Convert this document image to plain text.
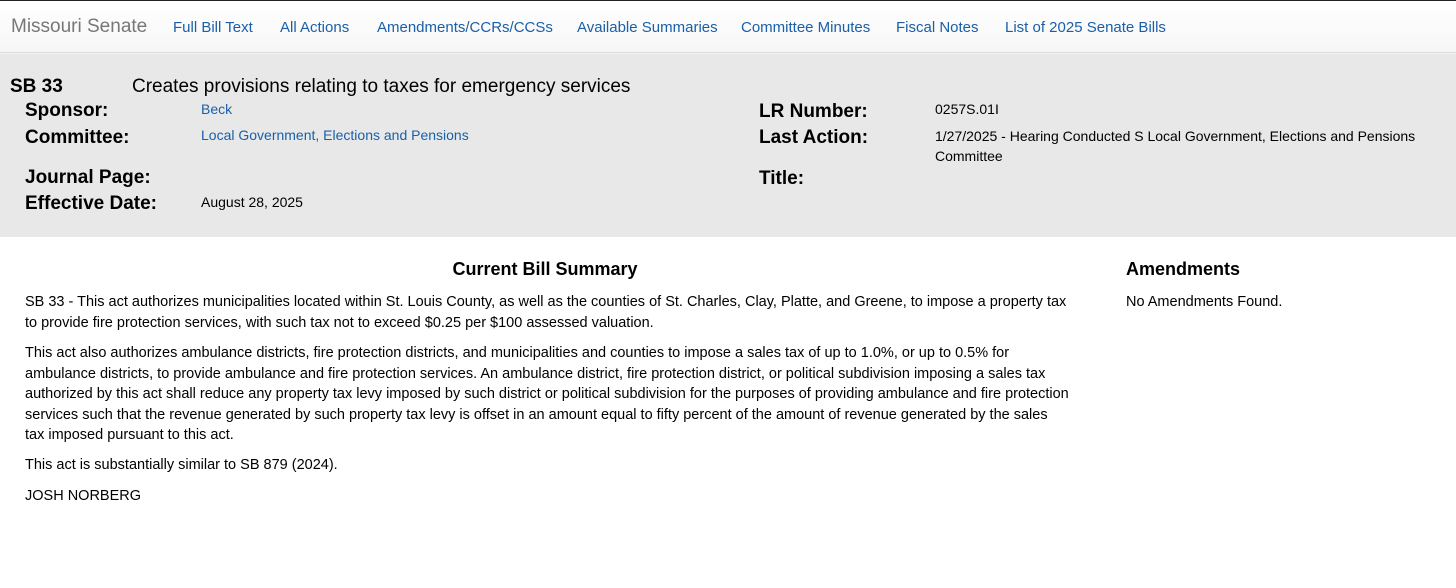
Missouri Senate Full Bill Text All Actions Amendments/CCRs/CCSs Available Summaries Committee Minutes Fiscal Notes List of 2025 Senate Bills
SB 33	Creates provisions relating to taxes for emergency services
Sponsor:	Beck
Committee:	Local Government, Elections and Pensions
Journal Page:
Effective Date:	August 28, 2025
LR Number:	0257S.01I
Last Action:	1/27/2025 - Hearing Conducted S Local Government, Elections and Pensions Committee
Title:
Current Bill Summary

SB 33 - This act authorizes municipalities located within St. Louis County, as well as the counties of St. Charles, Clay, Platte, and Greene, to impose a property tax to provide fire protection services, with such tax not to exceed $0.25 per $100 assessed valuation.

This act also authorizes ambulance districts, fire protection districts, and municipalities and counties to impose a sales tax of up to 1.0%, or up to 0.5% for ambulance districts, to provide ambulance and fire protection services. An ambulance district, fire protection district, or political subdivision imposing a sales tax authorized by this act shall reduce any property tax levy imposed by such district or political subdivision for the purposes of providing ambulance and fire protection services such that the revenue generated by such property tax levy is offset in an amount equal to fifty percent of the amount of revenue generated by the sales tax imposed pursuant to this act.

This act is substantially similar to SB 879 (2024).

JOSH NORBERG

Amendments
No Amendments Found.
